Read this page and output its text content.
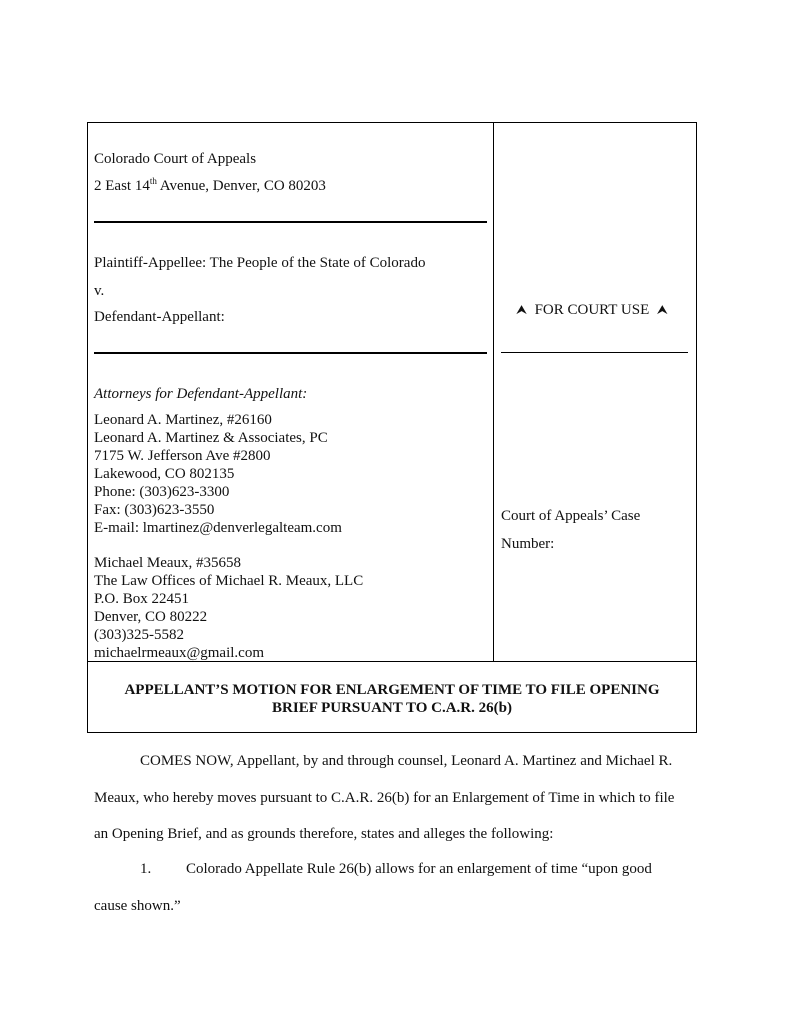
Colorado Court of Appeals
2 East 14th Avenue, Denver, CO 80203
Plaintiff-Appellee: The People of the State of Colorado
v.
Defendant-Appellant:	⮝ FOR COURT USE ⮝
Court of Appeals’ Case
Number:
Attorneys for Defendant-Appellant:
Leonard A. Martinez, #26160
Leonard A. Martinez & Associates, PC
7175 W. Jefferson Ave #2800
Lakewood, CO 802135
Phone: (303)623-3300
Fax: (303)623-3550
E-mail: lmartinez@denverlegalteam.com
Michael Meaux, #35658
The Law Offices of Michael R. Meaux, LLC
P.O. Box 22451
Denver, CO 80222
(303)325-5582
michaelrmeaux@gmail.com
APPELLANT’S MOTION FOR ENLARGEMENT OF TIME TO FILE OPENING
BRIEF PURSUANT TO C.A.R. 26(b)
COMES NOW, Appellant, by and through counsel, Leonard A. Martinez and Michael R.
Meaux, who hereby moves pursuant to C.A.R. 26(b) for an Enlargement of Time in which to file
an Opening Brief, and as grounds therefore, states and alleges the following:
1. Colorado Appellate Rule 26(b) allows for an enlargement of time “upon good
cause shown.”
